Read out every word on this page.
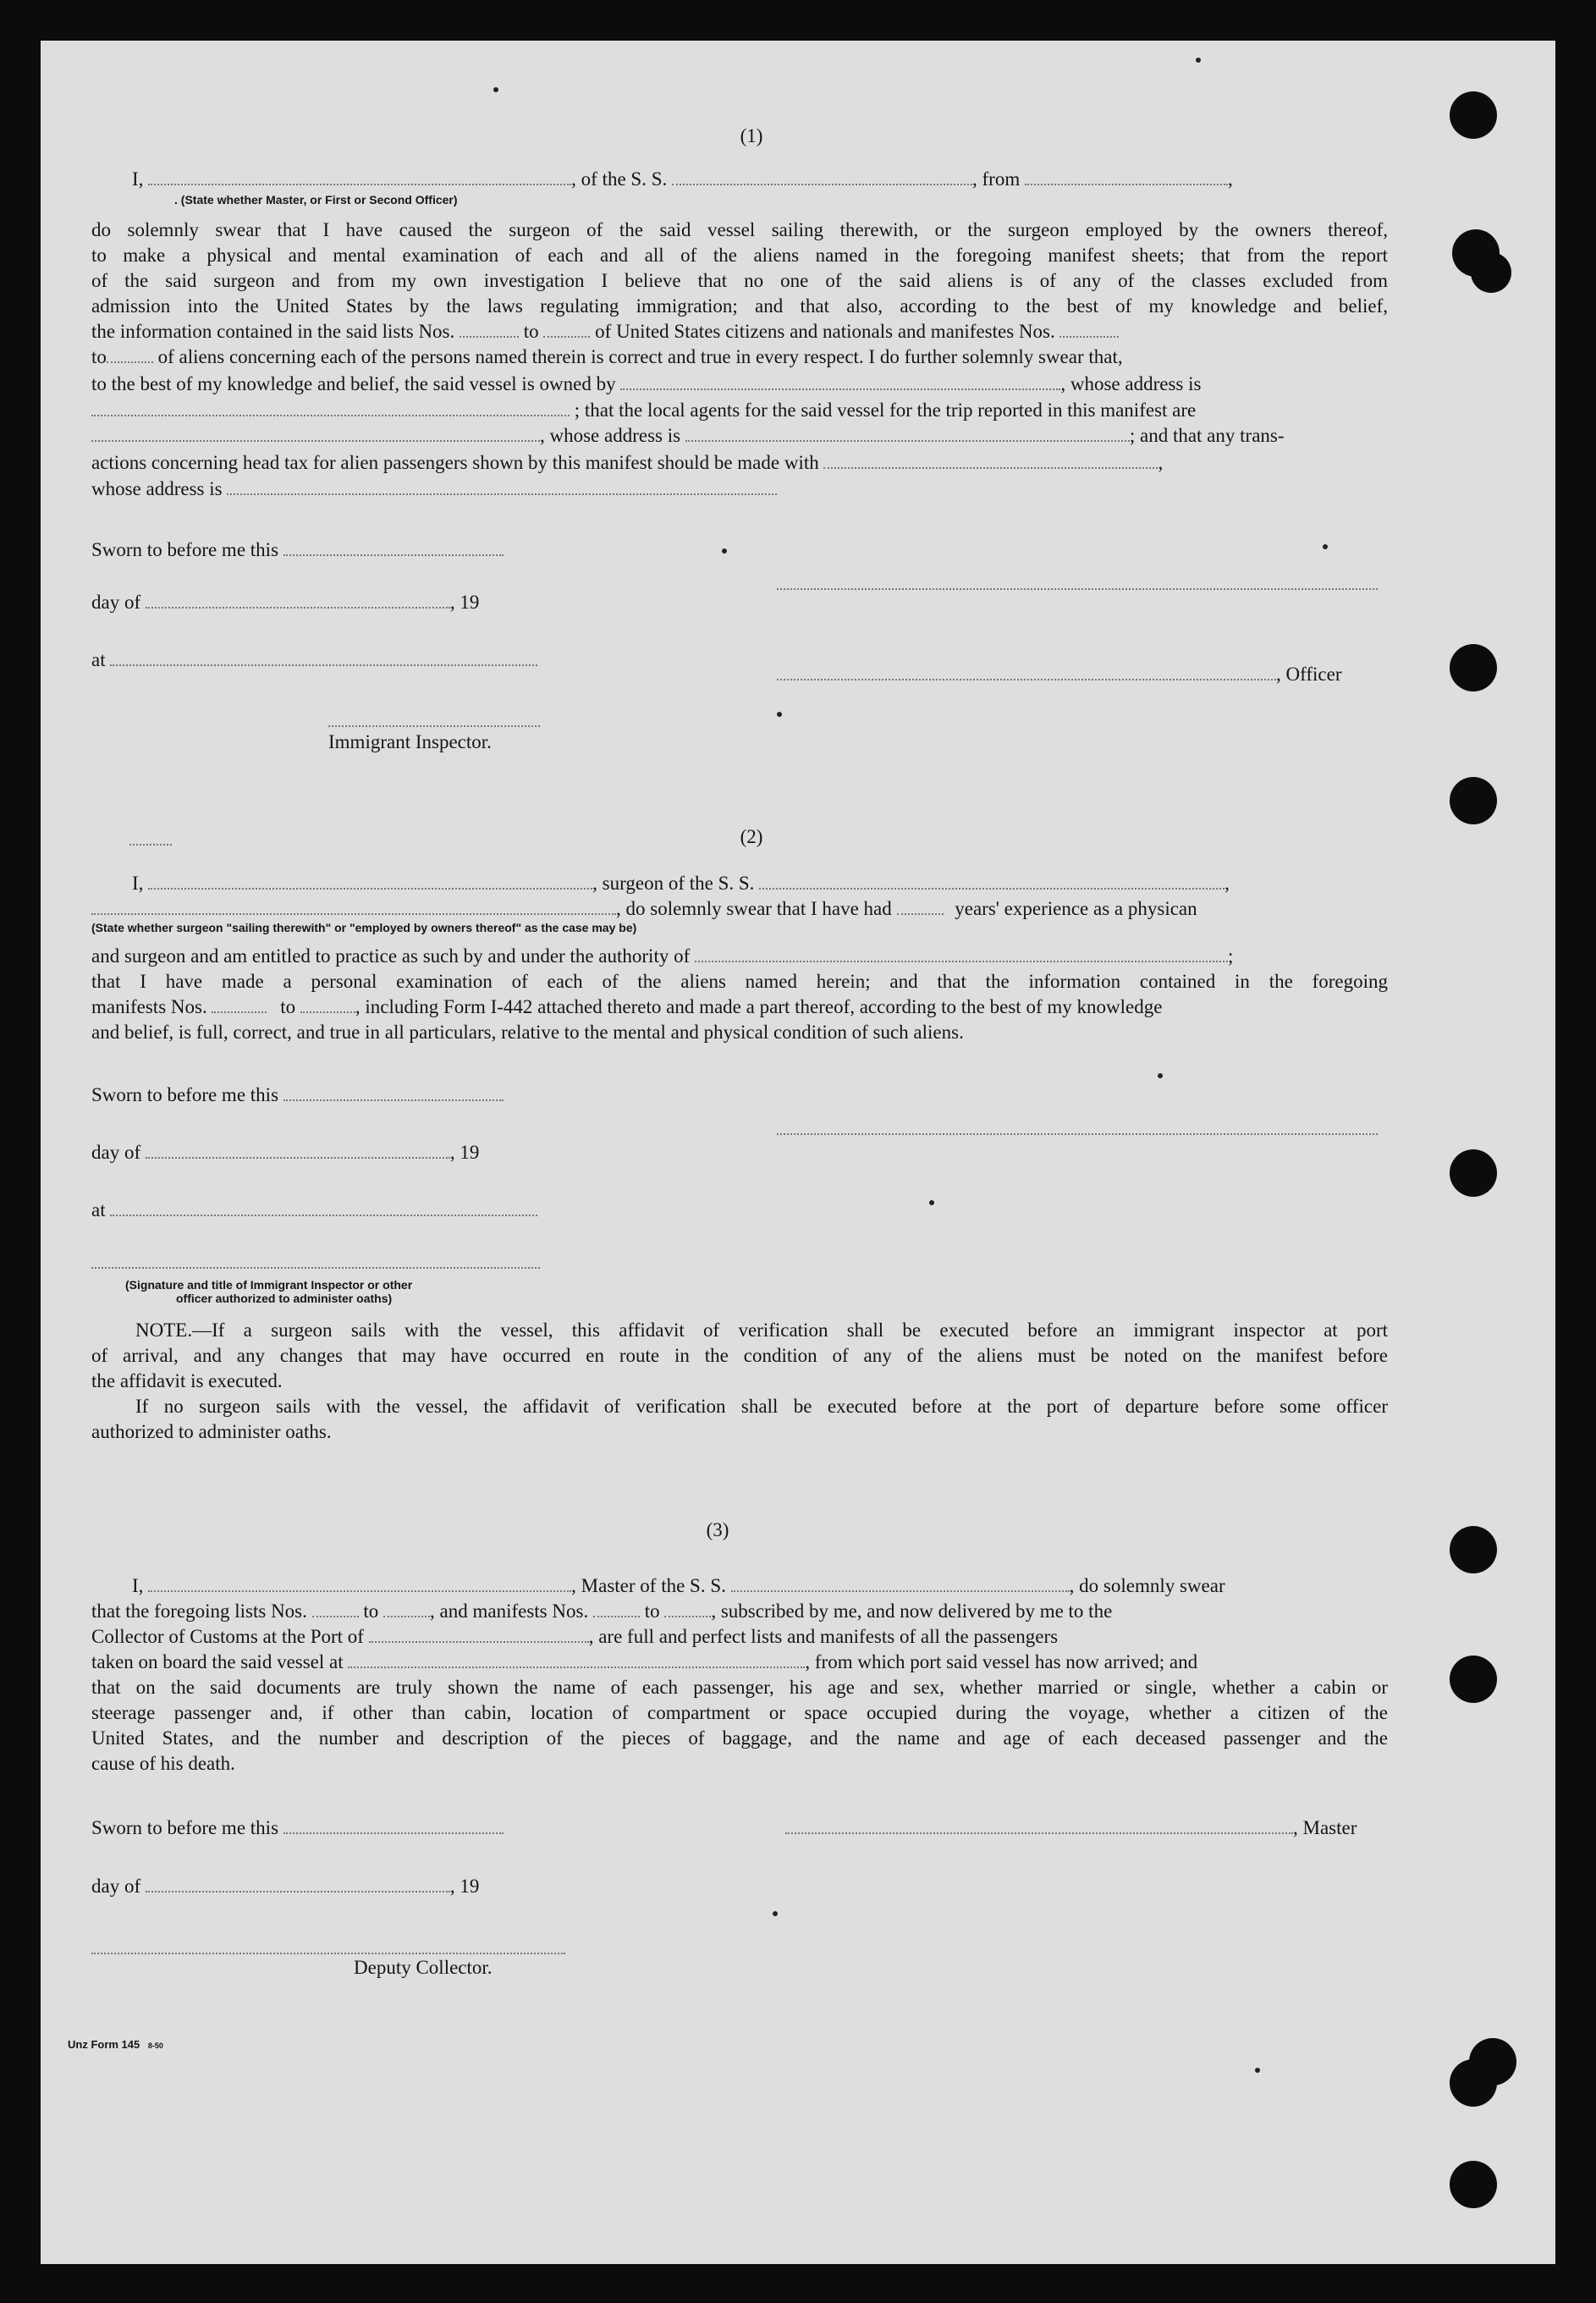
(1)
I,	, of the S. S.	, from	,
. (State whether Master, or First or Second Officer)
do solemnly swear that I have caused the surgeon of the said vessel sailing therewith, or the surgeon employed by the owners thereof,
to make a physical and mental examination of each and all of the aliens named in the foregoing manifest sheets; that from the report
of the said surgeon and from my own investigation I believe that no one of the said aliens is of any of the classes excluded from
admission into the United States by the laws regulating immigration; and that also, according to the best of my knowledge and belief,
the information contained in the said lists Nos.	to	of United States citizens and nationals and manifestes Nos.
to	of aliens concerning each of the persons named therein is correct and true in every respect. I do further solemnly swear that,
to the best of my knowledge and belief, the said vessel is owned by	, whose address is
; that the local agents for the said vessel for the trip reported in this manifest are
, whose address is	; and that any trans-
actions concerning head tax for alien passengers shown by this manifest should be made with	,
whose address is
Sworn to before me this
day of	, 19
at
, Officer
Immigrant Inspector.
(2)
I,	, surgeon of the S. S.	,
, do solemnly swear that I have had	years' experience as a physican
(State whether surgeon "sailing therewith" or "employed by owners thereof" as the case may be)
and surgeon and am entitled to practice as such by and under the authority of	;
that I have made a personal examination of each of the aliens named herein; and that the information contained in the foregoing
manifests Nos.	to	, including Form I-442 attached thereto and made a part thereof, according to the best of my knowledge
and belief, is full, correct, and true in all particulars, relative to the mental and physical condition of such aliens.
Sworn to before me this
day of	, 19
at
(Signature and title of Immigrant Inspector or other
officer authorized to administer oaths)
NOTE.—If a surgeon sails with the vessel, this affidavit of verification shall be executed before an immigrant inspector at port
of arrival, and any changes that may have occurred en route in the condition of any of the aliens must be noted on the manifest before
the affidavit is executed.
If no surgeon sails with the vessel, the affidavit of verification shall be executed before at the port of departure before some officer
authorized to administer oaths.
(3)
I,	, Master of the S. S.	, do solemnly swear
that the foregoing lists Nos.	to	, and manifests Nos.	to	, subscribed by me, and now delivered by me to the
Collector of Customs at the Port of	, are full and perfect lists and manifests of all the passengers
taken on board the said vessel at	, from which port said vessel has now arrived; and
that on the said documents are truly shown the name of each passenger, his age and sex, whether married or single, whether a cabin or
steerage passenger and, if other than cabin, location of compartment or space occupied during the voyage, whether a citizen of the
United States, and the number and description of the pieces of baggage, and the name and age of each deceased passenger and the
cause of his death.
Sworn to before me this	, Master
day of	, 19
Deputy Collector.
Unz Form 145 8-50
